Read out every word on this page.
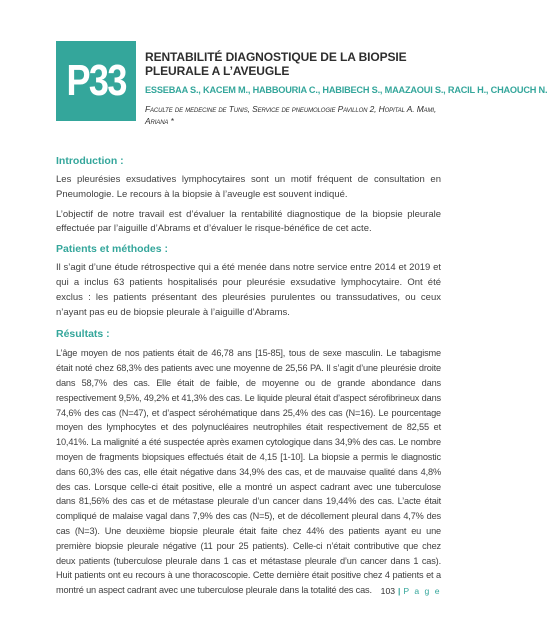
P33 RENTABILITÉ DIAGNOSTIQUE DE LA BIOPSIE PLEURALE A L’AVEUGLE
ESSEBAA S., KACEM M., HABBOURIA C., HABIBECH S., MAAZAOUI S., RACIL H., CHAOUCH N.
Faculte de medecine de Tunis, Service de pneumologie Pavillon 2, Hopital A. Mami, Ariana *

Introduction :

Les pleurésies exsudatives lymphocytaires sont un motif fréquent de consultation en Pneumologie. Le recours à la biopsie à l’aveugle est souvent indiqué.

L’objectif de notre travail est d’évaluer la rentabilité diagnostique de la biopsie pleurale effectuée par l’aiguille d’Abrams et d’évaluer le risque-bénéfice de cet acte.

Patients et méthodes :

Il s’agit d’une étude rétrospective qui a été menée dans notre service entre 2014 et 2019 et qui a inclus 63 patients hospitalisés pour pleurésie exsudative lymphocytaire. Ont été exclus : les patients présentant des pleurésies purulentes ou transsudatives, ou ceux n’ayant pas eu de biopsie pleurale à l’aiguille d’Abrams.

Résultats :

L’âge moyen de nos patients était de 46,78 ans [15-85], tous de sexe masculin. Le tabagisme était noté chez 68,3% des patients avec une moyenne de 25,56 PA. Il s’agit d’une pleurésie droite dans 58,7% des cas. Elle était de faible, de moyenne ou de grande abondance dans respectivement 9,5%, 49,2% et 41,3% des cas. Le liquide pleural était d’aspect sérofibrineux dans 74,6% des cas (N=47), et d’aspect sérohématique dans 25,4% des cas (N=16). Le pourcentage moyen des lymphocytes et des polynucléaires neutrophiles était respectivement de 82,55 et 10,41%. La malignité a été suspectée après examen cytologique dans 34,9% des cas. Le nombre moyen de fragments biopsiques effectués était de 4,15 [1-10]. La biopsie a permis le diagnostic dans 60,3% des cas, elle était négative dans 34,9% des cas, et de mauvaise qualité dans 4,8% des cas. Lorsque celle-ci était positive, elle a montré un aspect cadrant avec une tuberculose dans 81,56% des cas et de métastase pleurale d’un cancer dans 19,44% des cas. L’acte était compliqué de malaise vagal dans 7,9% des cas (N=5), et de décollement pleural dans 4,7% des cas (N=3). Une deuxième biopsie pleurale était faite chez 44% des patients ayant eu une première biopsie pleurale négative (11 pour 25 patients). Celle-ci n’était contributive que chez deux patients (tuberculose pleurale dans 1 cas et métastase pleurale d’un cancer dans 1 cas). Huit patients ont eu recours à une thoracoscopie. Cette dernière était positive chez 4 patients et a montré un aspect cadrant avec une tuberculose pleurale dans la totalité des cas.	103 | P a g e
